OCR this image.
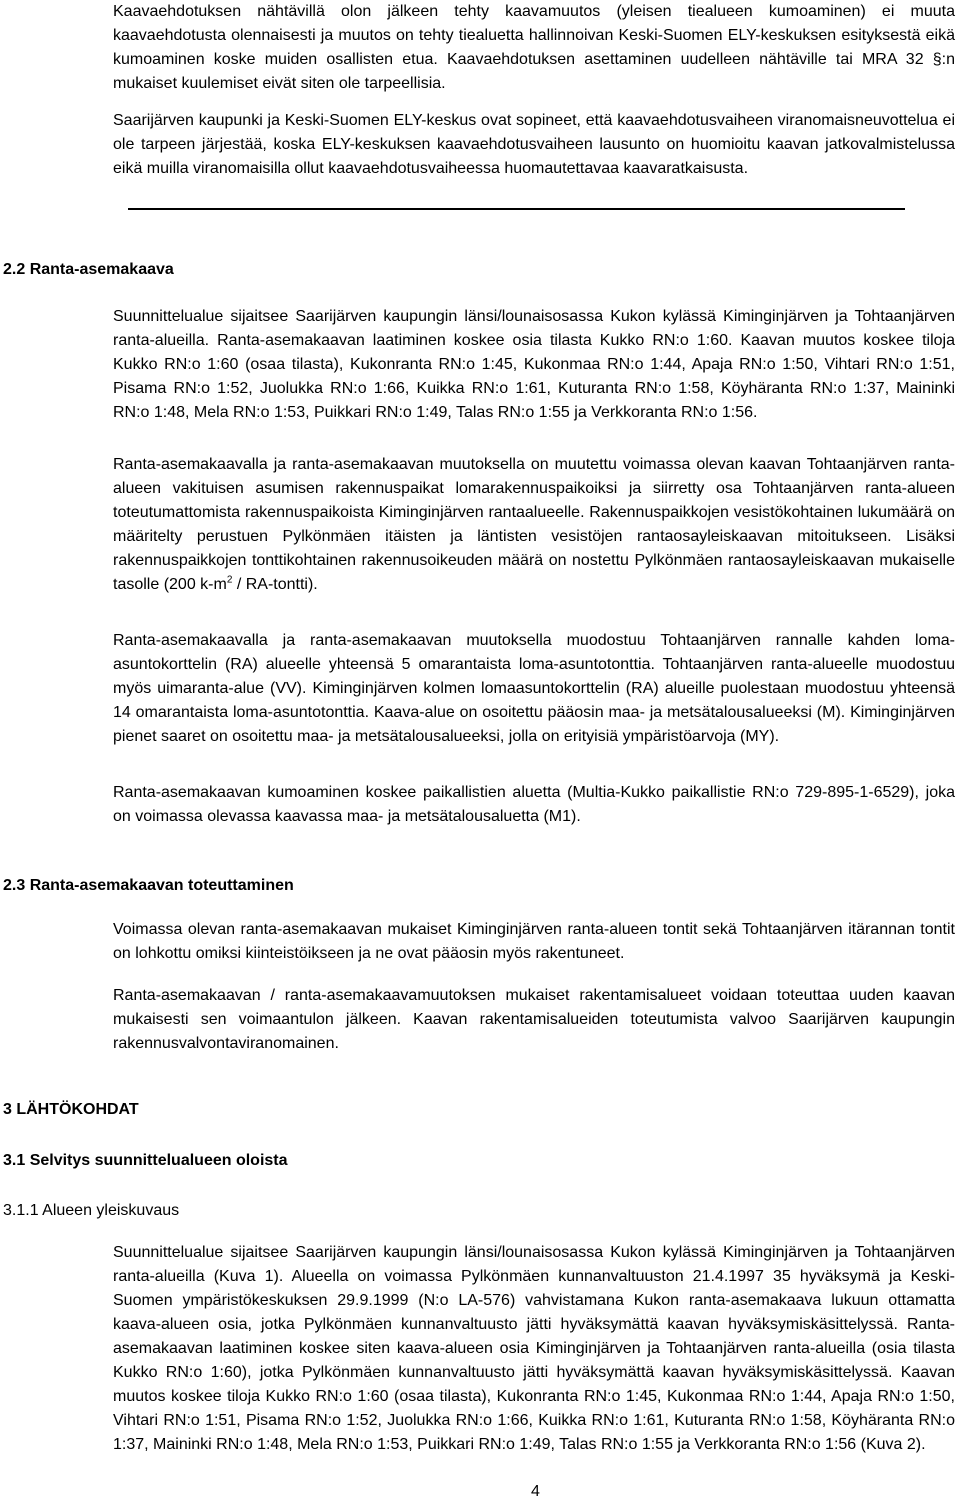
Kaavaehdotuksen nähtävillä olon jälkeen tehty kaavamuutos (yleisen tiealueen kumoaminen) ei muuta kaavaehdotusta olennaisesti ja muutos on tehty tiealuetta hallinnoivan Keski-Suomen ELY-keskuksen esityksestä eikä kumoaminen koske muiden osallisten etua. Kaavaehdotuksen asettaminen uudelleen nähtäville tai MRA 32 §:n mukaiset kuulemiset eivät siten ole tarpeellisia.

Saarijärven kaupunki ja Keski-Suomen ELY-keskus ovat sopineet, että kaavaehdotusvaiheen viranomaisneuvottelua ei ole tarpeen järjestää, koska ELY-keskuksen kaavaehdotusvaiheen lausunto on huomioitu kaavan jatkovalmistelussa eikä muilla viranomaisilla ollut kaavaehdotusvaiheessa huomautettavaa kaavaratkaisusta.

2.2 Ranta-asemakaava

Suunnittelualue sijaitsee Saarijärven kaupungin länsi/lounaisosassa Kukon kylässä Kiminginjärven ja Tohtaanjärven ranta-alueilla. Ranta-asemakaavan laatiminen koskee osia tilasta Kukko RN:o 1:60. Kaavan muutos koskee tiloja Kukko RN:o 1:60 (osaa tilasta), Kukonranta RN:o 1:45, Kukonmaa RN:o 1:44, Apaja RN:o 1:50, Vihtari RN:o 1:51, Pisama RN:o 1:52, Juolukka RN:o 1:66, Kuikka RN:o 1:61, Kuturanta RN:o 1:58, Köyhäranta RN:o 1:37, Maininki RN:o 1:48, Mela RN:o 1:53, Puikkari RN:o 1:49, Talas RN:o 1:55 ja Verkkoranta RN:o 1:56.

Ranta-asemakaavalla ja ranta-asemakaavan muutoksella on muutettu voimassa olevan kaavan Tohtaanjärven ranta-alueen vakituisen asumisen rakennuspaikat lomarakennuspaikoiksi ja siirretty osa Tohtaanjärven ranta-alueen toteutumattomista rakennuspaikoista Kiminginjärven rantaalueelle. Rakennuspaikkojen vesistökohtainen lukumäärä on määritelty perustuen Pylkönmäen itäisten ja läntisten vesistöjen rantaosayleiskaavan mitoitukseen. Lisäksi rakennuspaikkojen tonttikohtainen rakennusoikeuden määrä on nostettu Pylkönmäen rantaosayleiskaavan mukaiselle tasolle (200 $k-m^2$ / RA-tontti).

Ranta-asemakaavalla ja ranta-asemakaavan muutoksella muodostuu Tohtaanjärven rannalle kahden loma-asuntokorttelin (RA) alueelle yhteensä 5 omarantaista loma-asuntotonttia. Tohtaanjärven ranta-alueelle muodostuu myös uimaranta-alue (VV). Kiminginjärven kolmen lomaasuntokorttelin (RA) alueille puolestaan muodostuu yhteensä 14 omarantaista loma-asuntotonttia. Kaava-alue on osoitettu pääosin maa- ja metsätalousalueeksi (M). Kiminginjärven pienet saaret on osoitettu maa- ja metsätalousalueeksi, jolla on erityisiä ympäristöarvoja (MY).

Ranta-asemakaavan kumoaminen koskee paikallistien aluetta (Multia-Kukko paikallistie RN:o 729-895-1-6529), joka on voimassa olevassa kaavassa maa- ja metsätalousaluetta (M1).

2.3 Ranta-asemakaavan toteuttaminen

Voimassa olevan ranta-asemakaavan mukaiset Kiminginjärven ranta-alueen tontit sekä Tohtaanjärven itärannan tontit on lohkottu omiksi kiinteistöikseen ja ne ovat pääosin myös rakentuneet.

Ranta-asemakaavan / ranta-asemakaavamuutoksen mukaiset rakentamisalueet voidaan toteuttaa uuden kaavan mukaisesti sen voimaantulon jälkeen. Kaavan rakentamisalueiden toteutumista valvoo Saarijärven kaupungin rakennusvalvontaviranomainen.

3 LÄHTÖKOHDAT
3.1 Selvitys suunnittelualueen oloista
3.1.1 Alueen yleiskuvaus

Suunnittelualue sijaitsee Saarijärven kaupungin länsi/lounaisosassa Kukon kylässä Kiminginjärven ja Tohtaanjärven ranta-alueilla (Kuva 1). Alueella on voimassa Pylkönmäen kunnanvaltuuston 21.4.1997 35 hyväksymä ja Keski-Suomen ympäristökeskuksen 29.9.1999 (N:o LA-576) vahvistamana Kukon ranta-asemakaava lukuun ottamatta kaava-alueen osia, jotka Pylkönmäen kunnanvaltuusto jätti hyväksymättä kaavan hyväksymiskäsittelyssä. Ranta-asemakaavan laatiminen koskee siten kaava-alueen osia Kiminginjärven ja Tohtaanjärven ranta-alueilla (osia tilasta Kukko RN:o 1:60), jotka Pylkönmäen kunnanvaltuusto jätti hyväksymättä kaavan hyväksymiskäsittelyssä. Kaavan muutos koskee tiloja Kukko RN:o 1:60 (osaa tilasta), Kukonranta RN:o 1:45, Kukonmaa RN:o 1:44, Apaja RN:o 1:50, Vihtari RN:o 1:51, Pisama RN:o 1:52, Juolukka RN:o 1:66, Kuikka RN:o 1:61, Kuturanta RN:o 1:58, Köyhäranta RN:o 1:37, Maininki RN:o 1:48, Mela RN:o 1:53, Puikkari RN:o 1:49, Talas RN:o 1:55 ja Verkkoranta RN:o 1:56 (Kuva 2).

4
